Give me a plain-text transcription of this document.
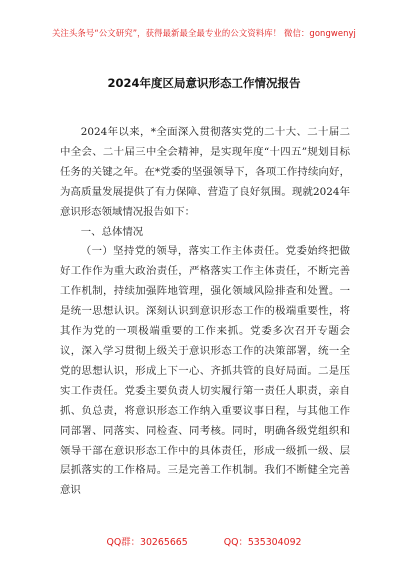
关注头条号“公文研究”，获得最新最全最专业的公文资料库！ 微信：gongwenyj
2024年度区局意识形态工作情况报告

2024年以来，*全面深入贯彻落实党的二十大、二十届二中全会、二十届三中全会精神，是实现年度“十四五”规划目标任务的关键之年。在*党委的坚强领导下，各项工作持续向好，为高质量发展提供了有力保障、营造了良好氛围。现就2024年意识形态领域情况报告如下：

一、总体情况

（一）坚持党的领导，落实工作主体责任。党委始终把做好工作作为重大政治责任，严格落实工作主体责任，不断完善工作机制，持续加强阵地管理，强化领域风险排查和处置。一是统一思想认识。深刻认识到意识形态工作的极端重要性，将其作为党的一项极端重要的工作来抓。党委多次召开专题会议，深入学习贯彻上级关于意识形态工作的决策部署，统一全党的思想认识，形成上下一心、齐抓共管的良好局面。二是压实工作责任。党委主要负责人切实履行第一责任人职责，亲自抓、负总责，将意识形态工作纳入重要议事日程，与其他工作同部署、同落实、同检查、同考核。同时，明确各级党组织和领导干部在意识形态工作中的具体责任，形成一级抓一级、层层抓落实的工作格局。三是完善工作机制。我们不断健全完善意识

QQ群：30265665	QQ：535304092
